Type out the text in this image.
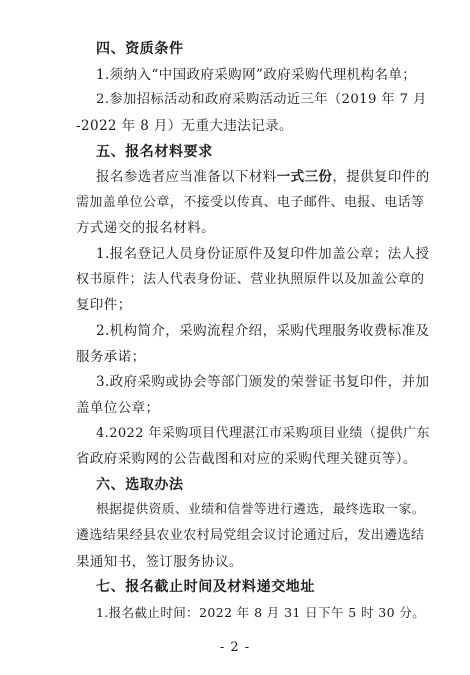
四、资质条件
1.须纳入“中国政府采购网”政府采购代理机构名单；
2.参加招标活动和政府采购活动近三年（2019 年 7 月
-2022 年 8 月）无重大违法记录。
五、报名材料要求
报名参选者应当准备以下材料一式三份，提供复印件的
需加盖单位公章，不接受以传真、电子邮件、电报、电话等
方式递交的报名材料。
1.报名登记人员身份证原件及复印件加盖公章；法人授
权书原件；法人代表身份证、营业执照原件以及加盖公章的
复印件；
2.机构简介，采购流程介绍，采购代理服务收费标准及
服务承诺；
3.政府采购或协会等部门颁发的荣誉证书复印件，并加
盖单位公章；
4.2022 年采购项目代理湛江市采购项目业绩（提供广东
省政府采购网的公告截图和对应的采购代理关键页等）。
六、选取办法
根据提供资质、业绩和信誉等进行遴选，最终选取一家。
遴选结果经县农业农村局党组会议讨论通过后，发出遴选结
果通知书，签订服务协议。
七、报名截止时间及材料递交地址
1.报名截止时间：2022 年 8 月 31 日下午 5 时 30 分。
- 2 -
